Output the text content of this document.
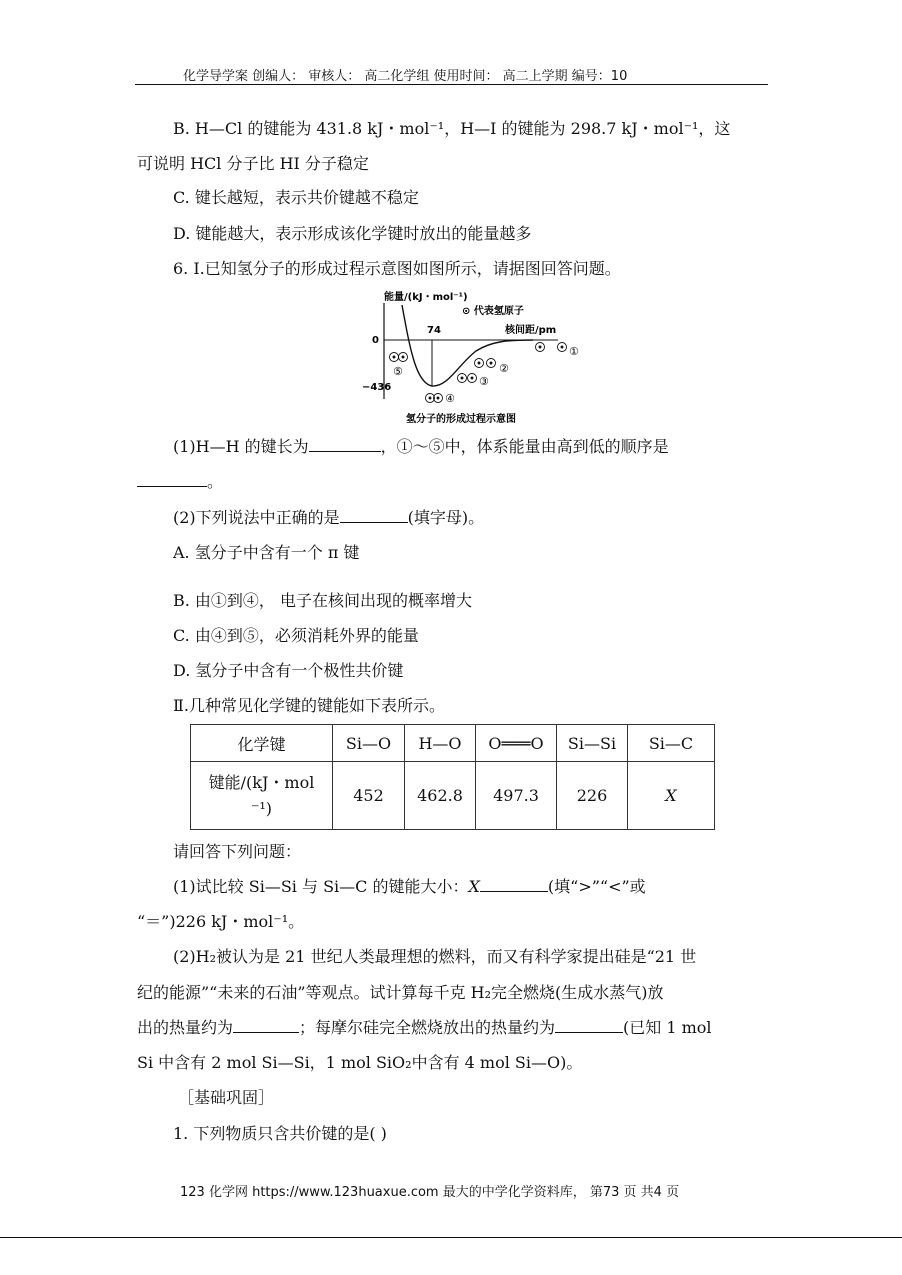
化学导学案 创编人： 审核人： 高二化学组 使用时间： 高二上学期 编号：10
B. H—Cl 的键能为 431.8 kJ・mol⁻¹，H—I 的键能为 298.7 kJ・mol⁻¹，这
可说明 HCl 分子比 HI 分子稳定
C. 键长越短，表示共价键越不稳定
D. 键能越大，表示形成该化学键时放出的能量越多
6. Ⅰ.已知氢分子的形成过程示意图如图所示，请据图回答问题。
能量/(kJ・mol⁻¹)
⊙ 代表氢原子
74	核间距/pm
0
−436
①
②
③
④
⑤
氢分子的形成过程示意图
(1)H—H 的键长为	，①～⑤中，体系能量由高到低的顺序是
。
(2)下列说法中正确的是	(填字母)。
A. 氢分子中含有一个 π 键
B. 由①到④， 电子在核间出现的概率增大
C. 由④到⑤，必须消耗外界的能量
D. 氢分子中含有一个极性共价键
Ⅱ.几种常见化学键的键能如下表所示。
化学键	Si—O	H—O	O═══O	Si—Si	Si—C

键能/(kJ・mol
⁻¹)	452	462.8	497.3	226	X
请回答下列问题：
(1)试比较 Si—Si 与 Si—C 的键能大小：X	(填“>”“<”或
“＝”)226 kJ・mol⁻¹。
(2)H₂被认为是 21 世纪人类最理想的燃料，而又有科学家提出硅是“21 世
纪的能源”“未来的石油”等观点。试计算每千克 H₂完全燃烧(生成水蒸气)放
出的热量约为	；每摩尔硅完全燃烧放出的热量约为	(已知 1 mol
Si 中含有 2 mol Si—Si，1 mol SiO₂中含有 4 mol Si—O)。
［基础巩固］
1. 下列物质只含共价键的是( )
123 化学网 https://www.123huaxue.com 最大的中学化学资料库， 第73 页 共4 页
